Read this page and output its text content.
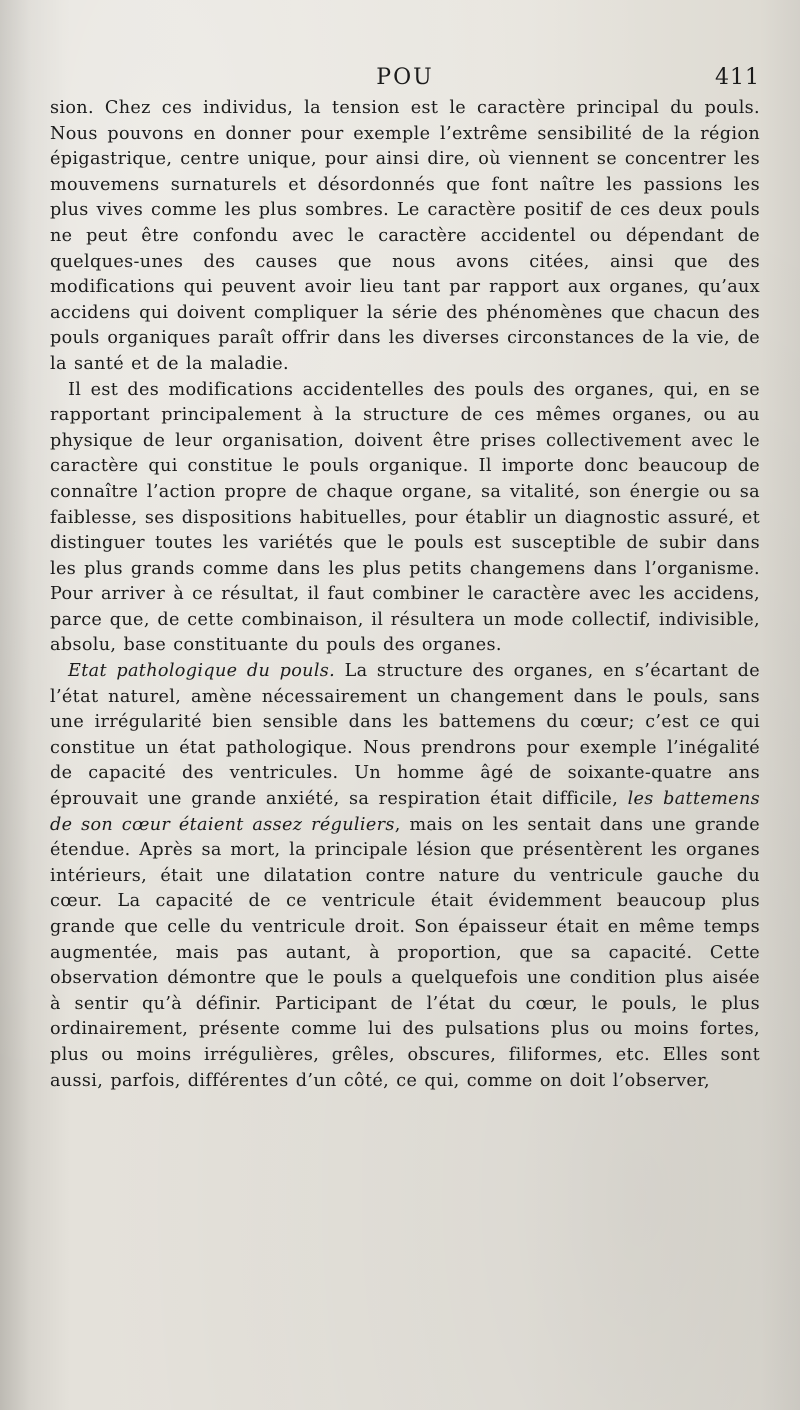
POU	411

sion. Chez ces individus, la tension est le caractère principal du pouls. Nous pouvons en donner pour exemple l’extrême sensibilité de la région épigastrique, centre unique, pour ainsi dire, où viennent se concentrer les mouvemens surnaturels et désordonnés que font naître les passions les plus vives comme les plus sombres. Le caractère positif de ces deux pouls ne peut être confondu avec le caractère accidentel ou dépendant de quelques-unes des causes que nous avons citées, ainsi que des modifications qui peuvent avoir lieu tant par rapport aux organes, qu’aux accidens qui doivent compliquer la série des phénomènes que chacun des pouls organiques paraît offrir dans les diverses circonstances de la vie, de la santé et de la maladie.

Il est des modifications accidentelles des pouls des organes, qui, en se rapportant principalement à la structure de ces mêmes organes, ou au physique de leur organisation, doivent être prises collectivement avec le caractère qui constitue le pouls organique. Il importe donc beaucoup de connaître l’action propre de chaque organe, sa vitalité, son énergie ou sa faiblesse, ses dispositions habituelles, pour établir un diagnostic assuré, et distinguer toutes les variétés que le pouls est susceptible de subir dans les plus grands comme dans les plus petits changemens dans l’organisme. Pour arriver à ce résultat, il faut combiner le caractère avec les accidens, parce que, de cette combinaison, il résultera un mode collectif, indivisible, absolu, base constituante du pouls des organes.

Etat pathologique du pouls. La structure des organes, en s’écartant de l’état naturel, amène nécessairement un changement dans le pouls, sans une irrégularité bien sensible dans les battemens du cœur; c’est ce qui constitue un état pathologique. Nous prendrons pour exemple l’inégalité de capacité des ventricules. Un homme âgé de soixante-quatre ans éprouvait une grande anxiété, sa respiration était difficile, les battemens de son cœur étaient assez réguliers, mais on les sentait dans une grande étendue. Après sa mort, la principale lésion que présentèrent les organes intérieurs, était une dilatation contre nature du ventricule gauche du cœur. La capacité de ce ventricule était évidemment beaucoup plus grande que celle du ventricule droit. Son épaisseur était en même temps augmentée, mais pas autant, à proportion, que sa capacité. Cette observation démontre que le pouls a quelquefois une condition plus aisée à sentir qu’à définir. Participant de l’état du cœur, le pouls, le plus ordinairement, présente comme lui des pulsations plus ou moins fortes, plus ou moins irrégulières, grêles, obscures, filiformes, etc. Elles sont aussi, parfois, différentes d’un côté, ce qui, comme on doit l’observer,
